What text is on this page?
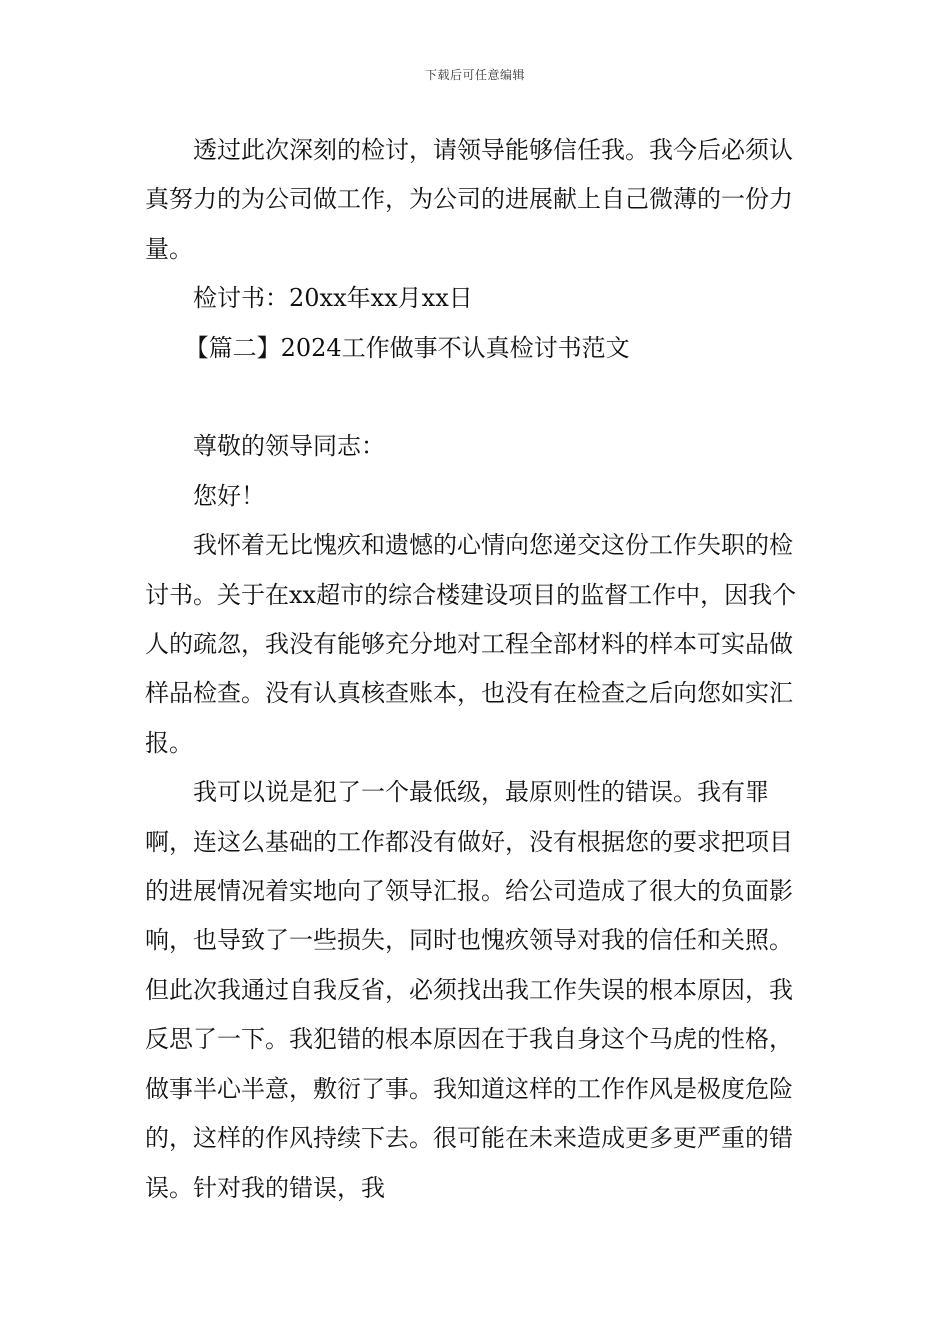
下载后可任意编辑

透过此次深刻的检讨，请领导能够信任我。我今后必须认真努力的为公司做工作，为公司的进展献上自己微薄的一份力量。

检讨书：20xx年xx月xx日

【篇二】2024工作做事不认真检讨书范文

尊敬的领导同志：

您好！

我怀着无比愧疚和遗憾的心情向您递交这份工作失职的检讨书。关于在xx超市的综合楼建设项目的监督工作中，因我个人的疏忽，我没有能够充分地对工程全部材料的样本可实品做样品检查。没有认真核查账本，也没有在检查之后向您如实汇报。

我可以说是犯了一个最低级，最原则性的错误。我有罪啊，连这么基础的工作都没有做好，没有根据您的要求把项目的进展情况着实地向了领导汇报。给公司造成了很大的负面影响，也导致了一些损失，同时也愧疚领导对我的信任和关照。但此次我通过自我反省，必须找出我工作失误的根本原因，我反思了一下。我犯错的根本原因在于我自身这个马虎的性格，做事半心半意，敷衍了事。我知道这样的工作作风是极度危险的，这样的作风持续下去。很可能在未来造成更多更严重的错误。针对我的错误，我
